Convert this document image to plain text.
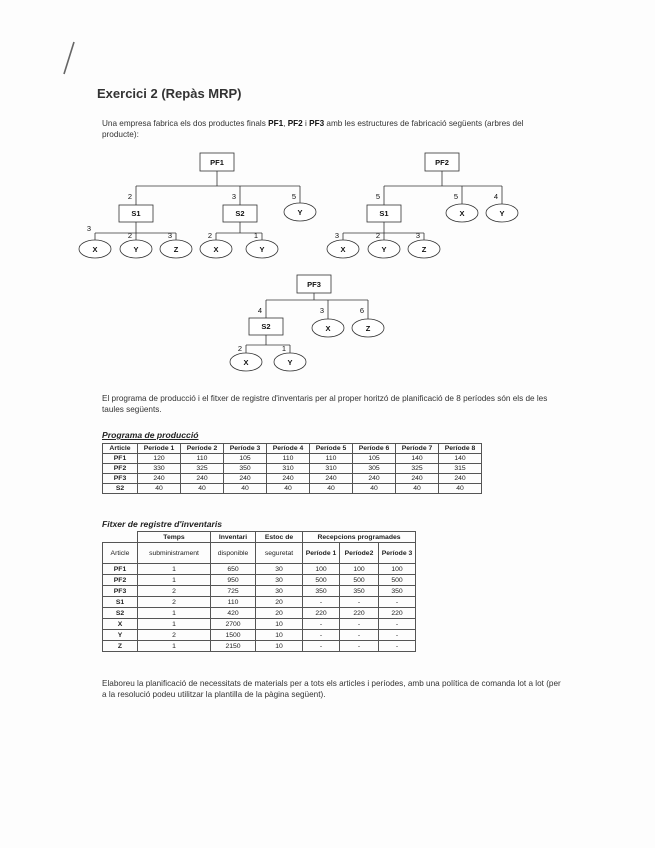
Exercici 2 (Repàs MRP)
Una empresa fabrica els dos productes finals PF1, PF2 i PF3 amb les estructures de fabricació següents (arbres del producte):
PF1
2	3	5
S1	S2	Y
3
2	3
X	Y	Z
2	1
X	Y
PF2
5	5	4
S1	X	Y
3	2	3
X	Y	Z
PF3
4	3	6
S2	X	Z
2	1
X	Y
El programa de producció i el fitxer de registre d'inventaris per al proper horitzó de planificació de 8 períodes són els de les taules següents.
Programa de producció
Article	Període 1	Període 2	Període 3	Període 4	Període 5	Període 6	Període 7	Període 8
PF1	120	110	105	110	110	105	140	140
PF2	330	325	350	310	310	305	325	315
PF3	240	240	240	240	240	240	240	240
S2	40	40	40	40	40	40	40	40
Fitxer de registre d'inventaris
	Temps	Inventari	Estoc de	Recepcions programades		
Article	subministrament	disponible	seguretat	Període 1	Període2	Període 3
PF1	1	650	30	100	100	100
PF2	1	950	30	500	500	500
PF3	2	725	30	350	350	350
S1	2	110	20	-	-	-
S2	1	420	20	220	220	220
X	1	2700	10	-	-	-
Y	2	1500	10	-	-	-
Z	1	2150	10	-	-	-
Elaboreu la planificació de necessitats de materials per a tots els articles i períodes, amb una política de comanda lot a lot (per a la resolució podeu utilitzar la plantilla de la pàgina següent).
